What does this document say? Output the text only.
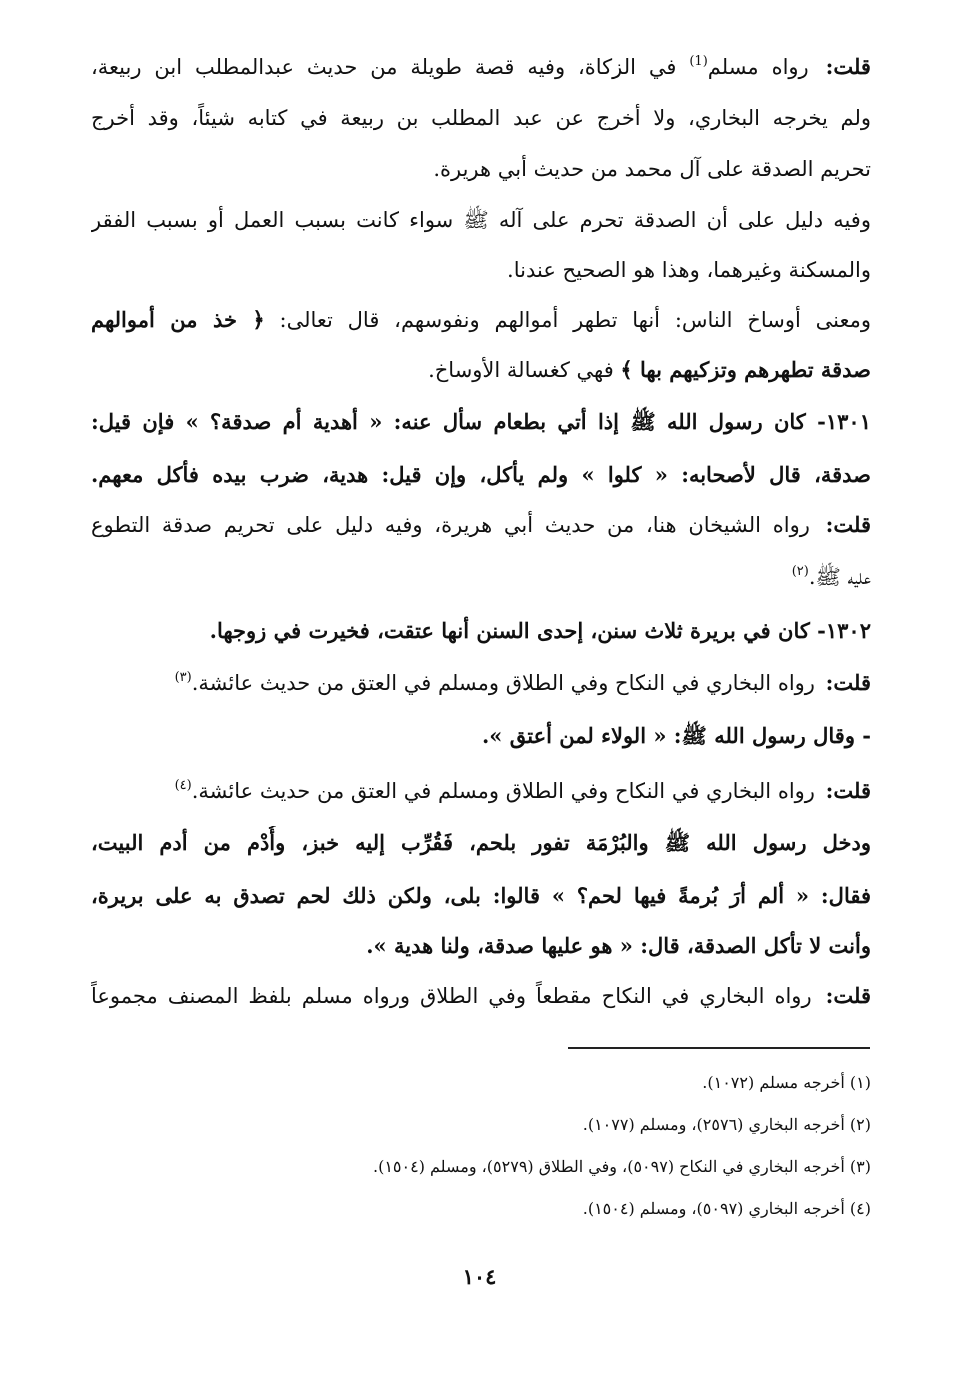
قلت: رواه مسلم$^{(1)}$ في الزكاة، وفيه قصة طويلة من حديث عبدالمطلب ابن ربيعة،
ولم يخرجه البخاري، ولا أخرج عن عبد المطلب بن ربيعة في كتابه شيئاً، وقد أخرج
تحريم الصدقة على آل محمد من حديث أبي هريرة.
وفيه دليل على أن الصدقة تحرم على آله ﷺ سواء كانت بسبب العمل أو بسبب الفقر
والمسكنة وغيرهما، وهذا هو الصحيح عندنا.
ومعنى أوساخ الناس: أنها تطهر أموالهم ونفوسهم، قال تعالى: ﴿ خذ من أموالهم
صدقة تطهرهم وتزكيهم بها ﴾ فهي كغسالة الأوساخ.
١٣٠١- كان رسول الله ﷺ إذا أتي بطعام سأل عنه: « أهدية أم صدقة؟ » فإن قيل:
صدقة، قال لأصحابه: « كلوا » ولم يأكل، وإن قيل: هدية، ضرب بيده فأكل معهم.
قلت: رواه الشيخان هنا، من حديث أبي هريرة، وفيه دليل على تحريم صدقة التطوع
عليه ﷺ.$^{(٢)}$
١٣٠٢- كان في بريرة ثلاث سنن، إحدى السنن أنها عتقت، فخيرت في زوجها.
قلت: رواه البخاري في النكاح وفي الطلاق ومسلم في العتق من حديث عائشة.$^{(٣)}$
- وقال رسول الله ﷺ: « الولاء لمن أعتق ».
قلت: رواه البخاري في النكاح وفي الطلاق ومسلم في العتق من حديث عائشة.$^{(٤)}$
ودخل رسول الله ﷺ والبُرْمَة تفور بلحم، فَقُرِّب إليه خبز، وأُدْم من أدم البيت،
فقال: « ألم أرَ بُرمةً فيها لحم؟ » قالوا: بلى، ولكن ذلك لحم تصدق به على بريرة،
وأنت لا تأكل الصدقة، قال: « هو عليها صدقة، ولنا هدية ».
قلت: رواه البخاري في النكاح مقطعاً وفي الطلاق ورواه مسلم بلفظ المصنف مجموعاً
(١) أخرجه مسلم (١٠٧٢).
(٢) أخرجه البخاري (٢٥٧٦)، ومسلم (١٠٧٧).
(٣) أخرجه البخاري في النكاح (٥٠٩٧)، وفي الطلاق (٥٢٧٩)، ومسلم (١٥٠٤).
(٤) أخرجه البخاري (٥٠٩٧)، ومسلم (١٥٠٤).
١٠٤
